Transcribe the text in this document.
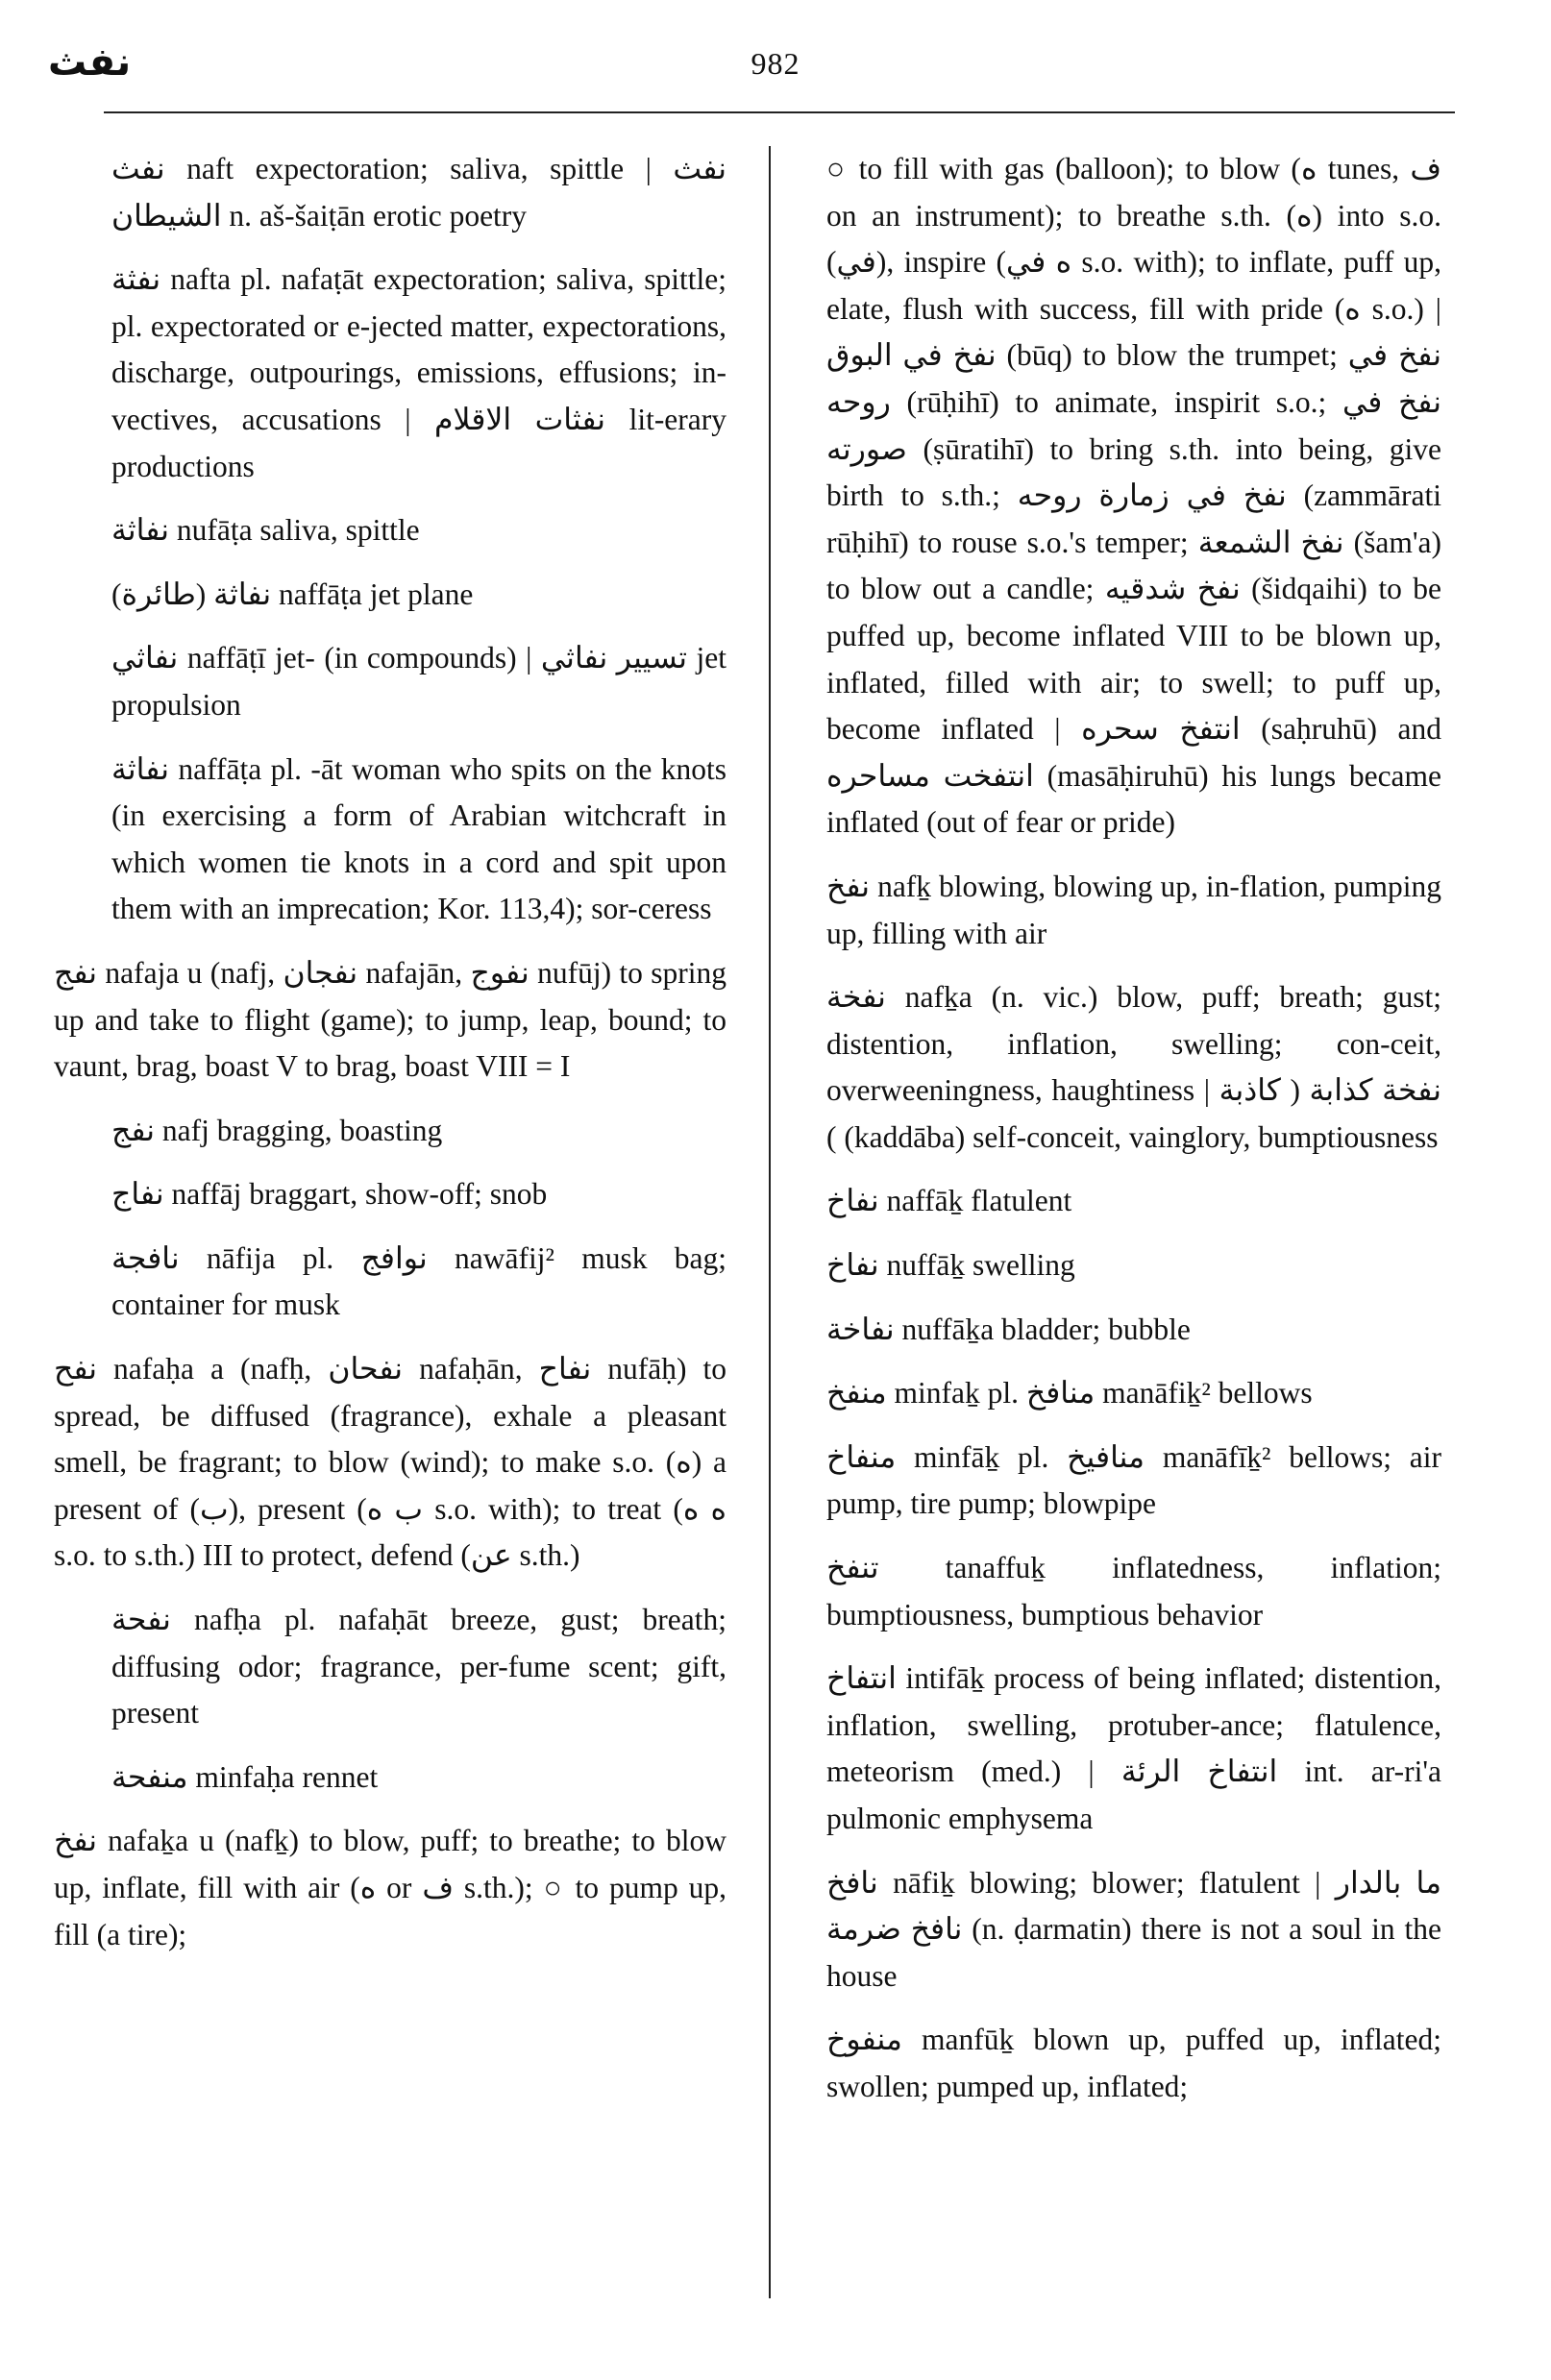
نفث	982

نفث naft expectoration; saliva, spittle | نفث الشيطان n. aš-šaiṭān erotic poetry

نفثة nafta pl. nafaṭāt expectoration; saliva, spittle; pl. expectorated or e-jected matter, expectorations, discharge, outpourings, emissions, effusions; in-vectives, accusations | نفثات الاقلام lit-erary productions

نفاثة nufāṭa saliva, spittle

نفاثة (طائرة) naffāṭa jet plane

نفاثي naffāṭī jet- (in compounds) | تسيير نفاثي jet propulsion

نفاثة naffāṭa pl. -āt woman who spits on the knots (in exercising a form of Arabian witchcraft in which women tie knots in a cord and spit upon them with an imprecation; Kor. 113,4); sor-ceress

نفج nafaja u (nafj, نفجان nafajān, نفوج nufūj) to spring up and take to flight (game); to jump, leap, bound; to vaunt, brag, boast V to brag, boast VIII = I

نفج nafj bragging, boasting

نفاج naffāj braggart, show-off; snob

نافجة nāfija pl. نوافج nawāfij² musk bag; container for musk

نفح nafaḥa a (nafḥ, نفحان nafaḥān, نفاح nufāḥ) to spread, be diffused (fragrance), exhale a pleasant smell, be fragrant; to blow (wind); to make s.o. (ه) a present of (ب), present (ب ه s.o. with); to treat (ه ه s.o. to s.th.) III to protect, defend (عن s.th.)

نفحة nafḥa pl. nafaḥāt breeze, gust; breath; diffusing odor; fragrance, per-fume scent; gift, present

منفحة minfaḥa rennet

نفخ nafaḵa u (nafḵ) to blow, puff; to breathe; to blow up, inflate, fill with air (ه or ف s.th.); ○ to pump up, fill (a tire);

○ to fill with gas (balloon); to blow (ه tunes, ف on an instrument); to breathe s.th. (ه) into s.o. (في), inspire (ه في s.o. with); to inflate, puff up, elate, flush with success, fill with pride (ه s.o.) | نفخ في البوق (būq) to blow the trumpet; نفخ في روحه (rūḥihī) to animate, inspirit s.o.; نفخ في صورته (ṣūratihī) to bring s.th. into being, give birth to s.th.; نفخ في زمارة روحه (zammārati rūḥihī) to rouse s.o.'s temper; نفخ الشمعة (šam'a) to blow out a candle; نفخ شدقيه (šidqaihi) to be puffed up, become inflated VIII to be blown up, inflated, filled with air; to swell; to puff up, become inflated | انتفخ سحره (saḥruhū) and انتفخت مساحره (masāḥiruhū) his lungs became inflated (out of fear or pride)

نفخ nafḵ blowing, blowing up, in-flation, pumping up, filling with air

نفخة nafḵa (n. vic.) blow, puff; breath; gust; distention, inflation, swelling; con-ceit, overweeningness, haughtiness | نفخة كذابة ( كاذبة ) (kaddāba) self-conceit, vainglory, bumptiousness

نفاخ naffāḵ flatulent

نفاخ nuffāḵ swelling

نفاخة nuffāḵa bladder; bubble

منفخ minfaḵ pl. منافخ manāfiḵ² bellows

منفاخ minfāḵ pl. منافيخ manāfīḵ² bellows; air pump, tire pump; blowpipe

تنفخ tanaffuḵ inflatedness, inflation; bumptiousness, bumptious behavior

انتفاخ intifāḵ process of being inflated; distention, inflation, swelling, protuber-ance; flatulence, meteorism (med.) | انتفاخ الرئة int. ar-ri'a pulmonic emphysema

نافخ nāfiḵ blowing; blower; flatulent | ما بالدار نافخ ضرمة (n. ḍarmatin) there is not a soul in the house

منفوخ manfūḵ blown up, puffed up, inflated; swollen; pumped up, inflated;
